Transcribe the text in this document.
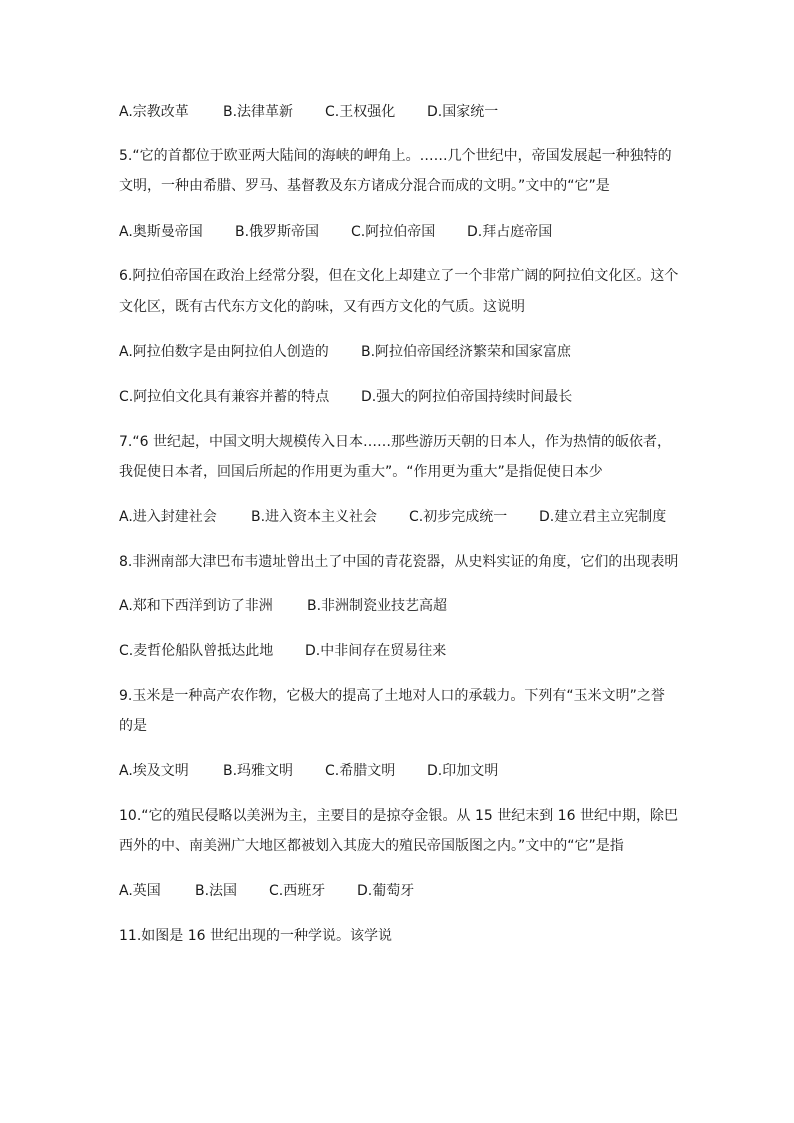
A.宗教改革 B.法律革新 C.王权强化 D.国家统一
5.“它的首都位于欧亚两大陆间的海峡的岬角上。……几个世纪中，帝国发展起一种独特的
文明，一种由希腊、罗马、基督教及东方诸成分混合而成的文明。”文中的“它”是
A.奥斯曼帝国 B.俄罗斯帝国 C.阿拉伯帝国 D.拜占庭帝国
6.阿拉伯帝国在政治上经常分裂，但在文化上却建立了一个非常广阔的阿拉伯文化区。这个
文化区，既有古代东方文化的韵味，又有西方文化的气质。这说明
A.阿拉伯数字是由阿拉伯人创造的 B.阿拉伯帝国经济繁荣和国家富庶
C.阿拉伯文化具有兼容并蓄的特点 D.强大的阿拉伯帝国持续时间最长
7.“6 世纪起，中国文明大规模传入日本……那些游历天朝的日本人，作为热情的皈依者，
我促使日本者，回国后所起的作用更为重大”。“作用更为重大”是指促使日本少
A.进入封建社会 B.进入资本主义社会 C.初步完成统一 D.建立君主立宪制度
8.非洲南部大津巴布韦遗址曾出土了中国的青花瓷器，从史料实证的角度，它们的出现表明
A.郑和下西洋到访了非洲 B.非洲制瓷业技艺高超
C.麦哲伦船队曾抵达此地 D.中非间存在贸易往来
9.玉米是一种高产农作物，它极大的提高了土地对人口的承载力。下列有“玉米文明”之誉
的是
A.埃及文明 B.玛雅文明 C.希腊文明 D.印加文明
10.“它的殖民侵略以美洲为主，主要目的是掠夺金银。从 15 世纪末到 16 世纪中期，除巴
西外的中、南美洲广大地区都被划入其庞大的殖民帝国版图之内。”文中的“它”是指
A.英国 B.法国 C.西班牙 D.葡萄牙
11.如图是 16 世纪出现的一种学说。该学说
